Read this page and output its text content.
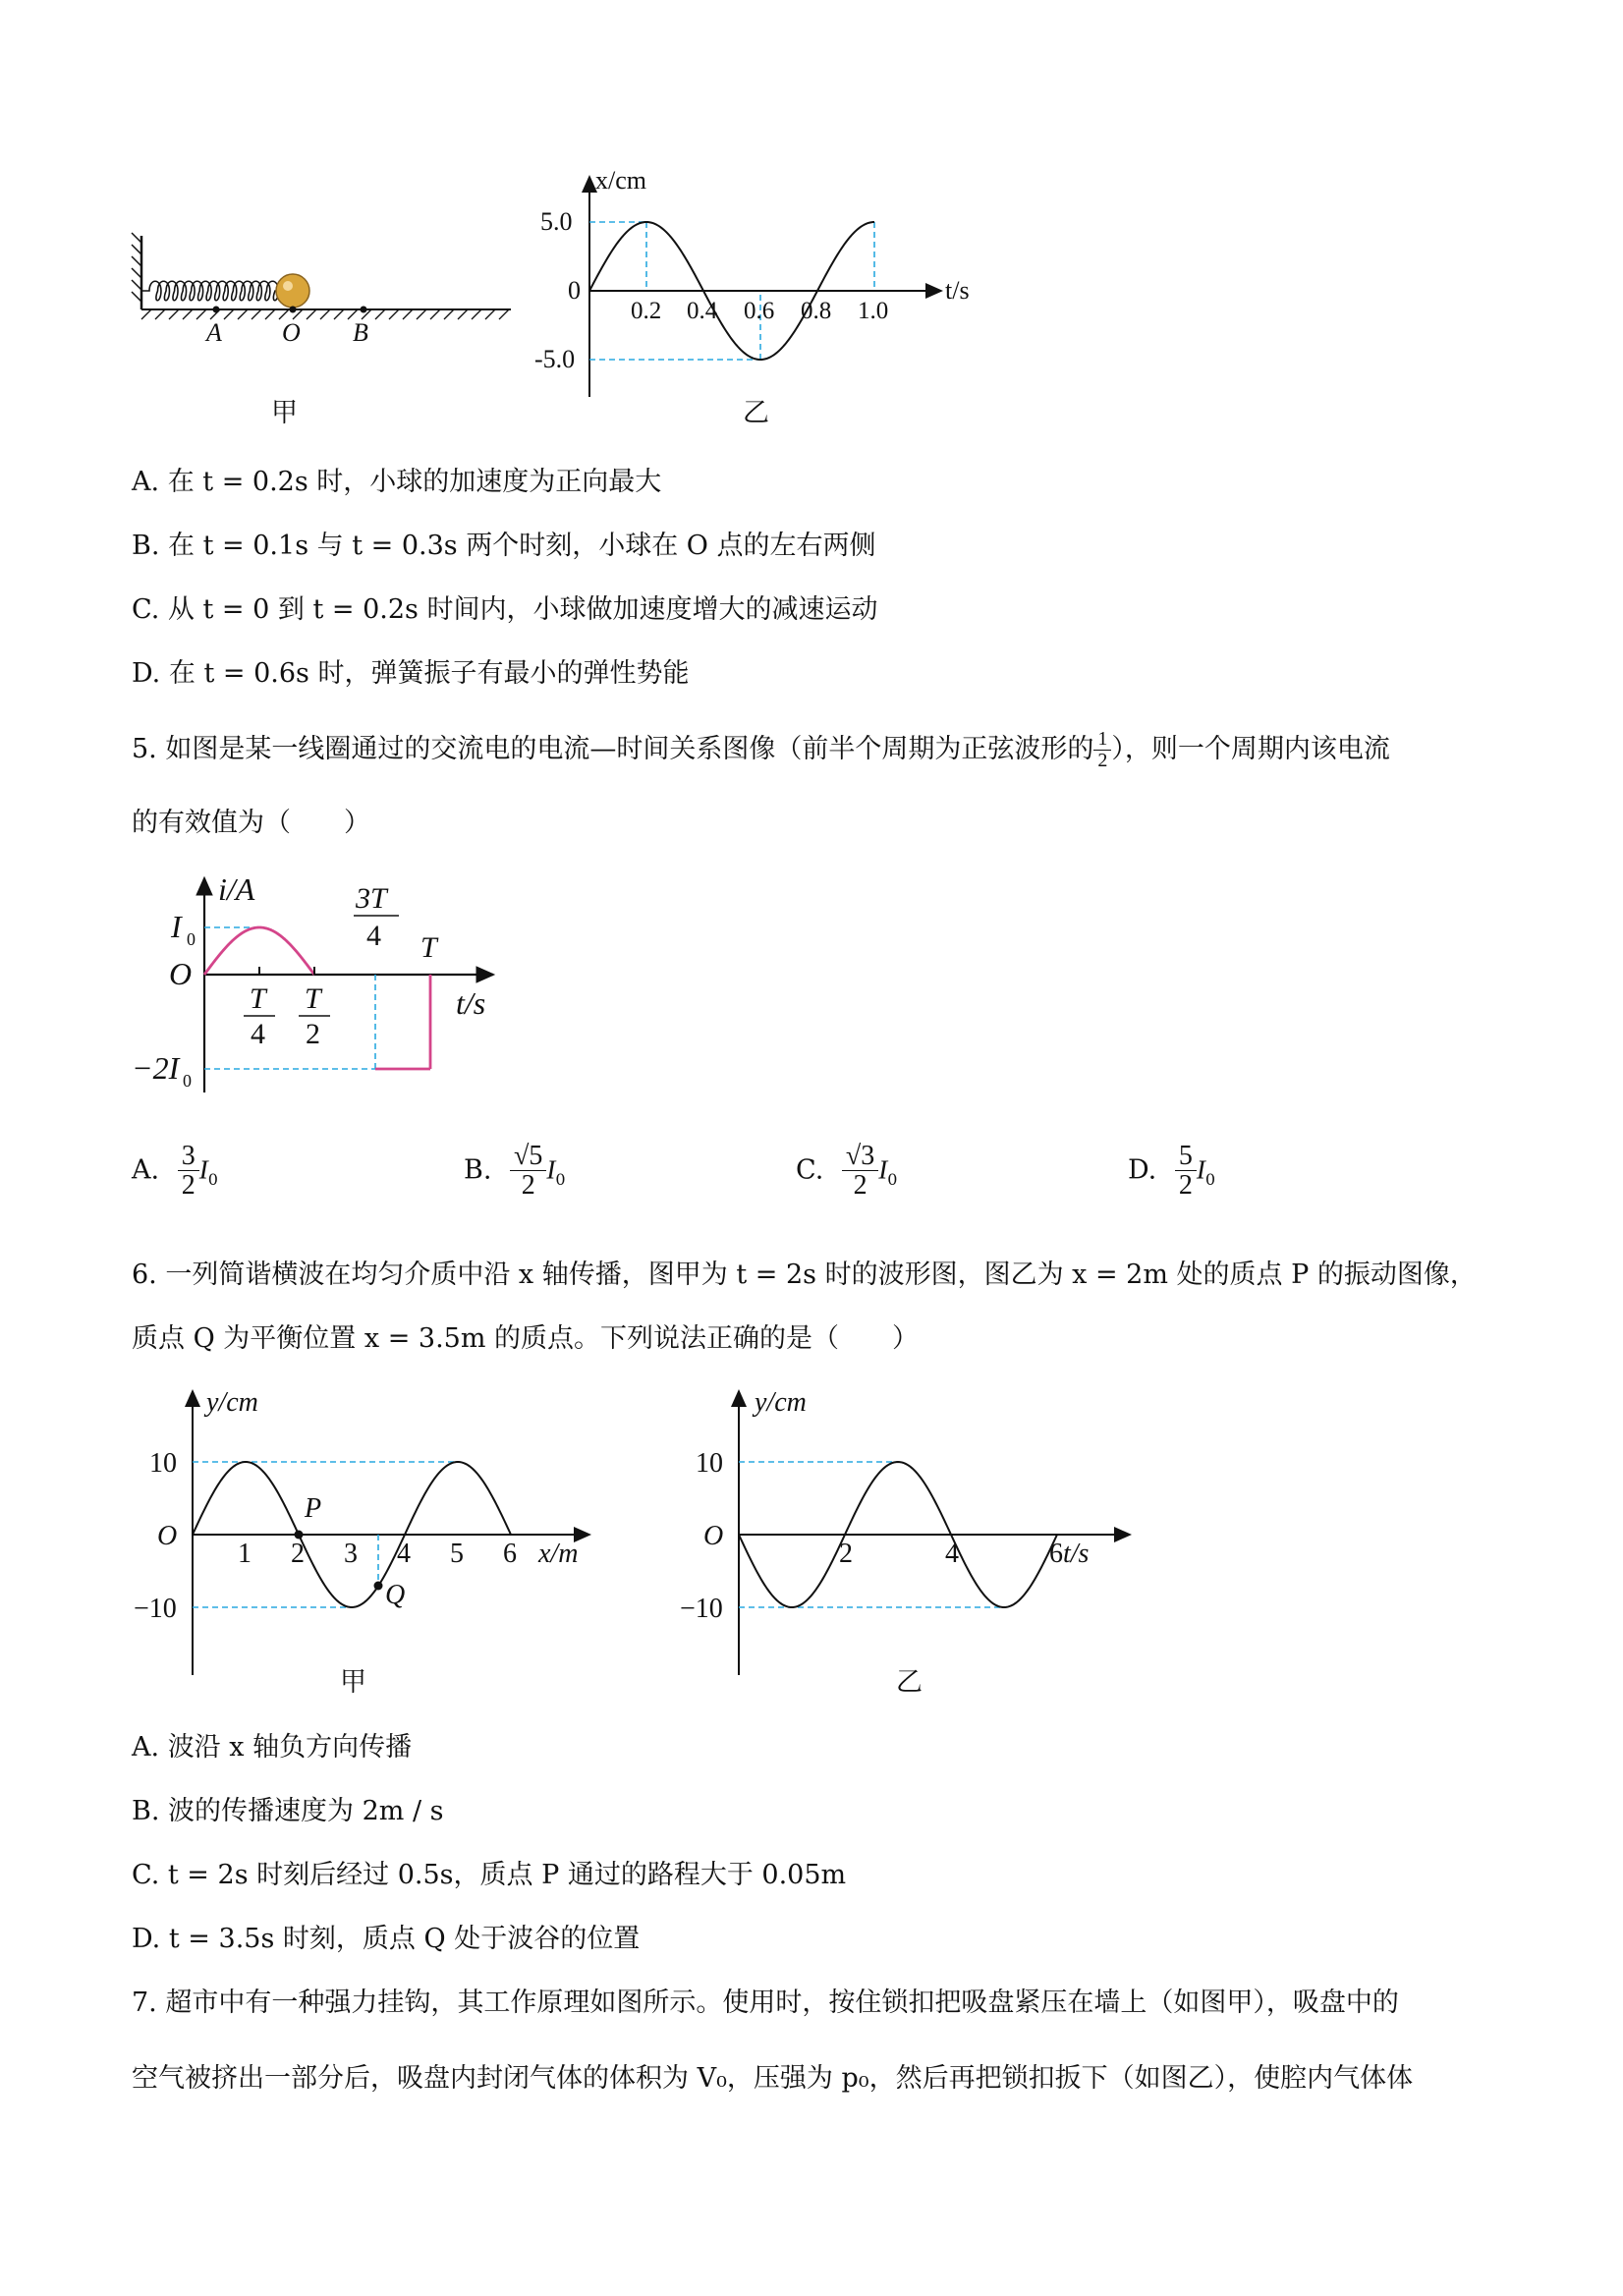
A O B
甲
x/cm
t/s
5.0
0
-5.0
0.2 0.4 0.6 0.8 1.0
乙
A. 在 t = 0.2s 时，小球的加速度为正向最大
B. 在 t = 0.1s 与 t = 0.3s 两个时刻，小球在 O 点的左右两侧
C. 从 t = 0 到 t = 0.2s 时间内，小球做加速度增大的减速运动
D. 在 t = 0.6s 时，弹簧振子有最小的弹性势能
5. 如图是某一线圈通过的交流电的电流—时间关系图像（前半个周期为正弦波形的 $\frac{1}{2}$ ），则一个周期内该电流
的有效值为（　　）
i/A
t/s
O
I 0
−2I 0
T
4
T
2
3T
4 T
A. $\frac{3}{2} I_0$	B. $\frac{√5}{2} I_0$	C. $\frac{√3}{2} I_0$	D. $\frac{5}{2} I_0$
6. 一列简谐横波在均匀介质中沿 x 轴传播，图甲为 t = 2s 时的波形图，图乙为 x = 2m 处的质点 P 的振动图像，
质点 Q 为平衡位置 x = 3.5m 的质点。下列说法正确的是（　　）
y/cm
x/m
O
10
−10
1 2 3 4 5 6
P
Q
甲
y/cm
t/s
O
10
−10
2	4	6
乙
A. 波沿 x 轴负方向传播
B. 波的传播速度为 2m / s
C. t = 2s 时刻后经过 0.5s，质点 P 通过的路程大于 0.05m
D. t = 3.5s 时刻，质点 Q 处于波谷的位置
7. 超市中有一种强力挂钩，其工作原理如图所示。使用时，按住锁扣把吸盘紧压在墙上（如图甲），吸盘中的
空气被挤出一部分后，吸盘内封闭气体的体积为 V₀，压强为 p₀，然后再把锁扣扳下（如图乙），使腔内气体体
